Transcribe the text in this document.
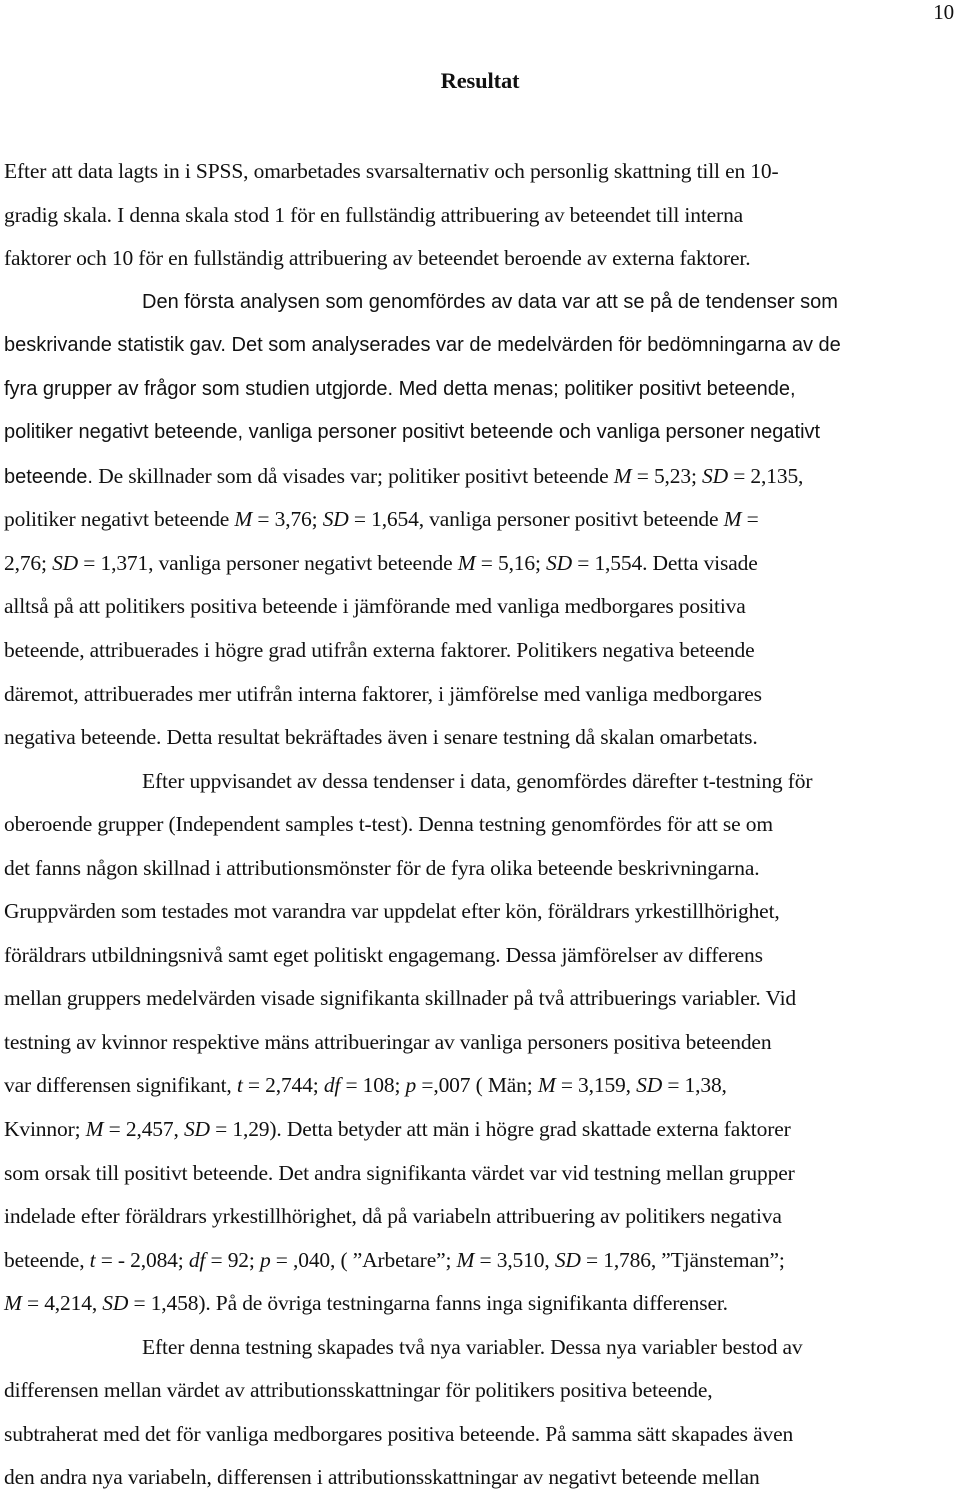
10
Resultat
Efter att data lagts in i SPSS, omarbetades svarsalternativ och personlig skattning till en 10-
gradig skala. I denna skala stod 1 för en fullständig attribuering av beteendet till interna
faktorer och 10 för en fullständig attribuering av beteendet beroende av externa faktorer.
Den första analysen som genomfördes av data var att se på de tendenser som
beskrivande statistik gav. Det som analyserades var de medelvärden för bedömningarna av de
fyra grupper av frågor som studien utgjorde. Med detta menas; politiker positivt beteende,
politiker negativt beteende, vanliga personer positivt beteende och vanliga personer negativt
beteende. De skillnader som då visades var; politiker positivt beteende M = 5,23; SD = 2,135,
politiker negativt beteende M = 3,76; SD = 1,654, vanliga personer positivt beteende M =
2,76; SD = 1,371, vanliga personer negativt beteende M = 5,16; SD = 1,554. Detta visade
alltså på att politikers positiva beteende i jämförande med vanliga medborgares positiva
beteende, attribuerades i högre grad utifrån externa faktorer. Politikers negativa beteende
däremot, attribuerades mer utifrån interna faktorer, i jämförelse med vanliga medborgares
negativa beteende. Detta resultat bekräftades även i senare testning då skalan omarbetats.
Efter uppvisandet av dessa tendenser i data, genomfördes därefter t-testning för
oberoende grupper (Independent samples t-test). Denna testning genomfördes för att se om
det fanns någon skillnad i attributionsmönster för de fyra olika beteende beskrivningarna.
Gruppvärden som testades mot varandra var uppdelat efter kön, föräldrars yrkestillhörighet,
föräldrars utbildningsnivå samt eget politiskt engagemang. Dessa jämförelser av differens
mellan gruppers medelvärden visade signifikanta skillnader på två attribuerings variabler. Vid
testning av kvinnor respektive mäns attribueringar av vanliga personers positiva beteenden
var differensen signifikant, t = 2,744; df = 108; p =,007 ( Män; M = 3,159, SD = 1,38,
Kvinnor; M = 2,457, SD = 1,29). Detta betyder att män i högre grad skattade externa faktorer
som orsak till positivt beteende. Det andra signifikanta värdet var vid testning mellan grupper
indelade efter föräldrars yrkestillhörighet, då på variabeln attribuering av politikers negativa
beteende, t = - 2,084; df = 92; p = ,040, ( ”Arbetare”; M = 3,510, SD = 1,786, ”Tjänsteman”;
M = 4,214, SD = 1,458). På de övriga testningarna fanns inga signifikanta differenser.
Efter denna testning skapades två nya variabler. Dessa nya variabler bestod av
differensen mellan värdet av attributionsskattningar för politikers positiva beteende,
subtraherat med det för vanliga medborgares positiva beteende. På samma sätt skapades även
den andra nya variabeln, differensen i attributionsskattningar av negativt beteende mellan
